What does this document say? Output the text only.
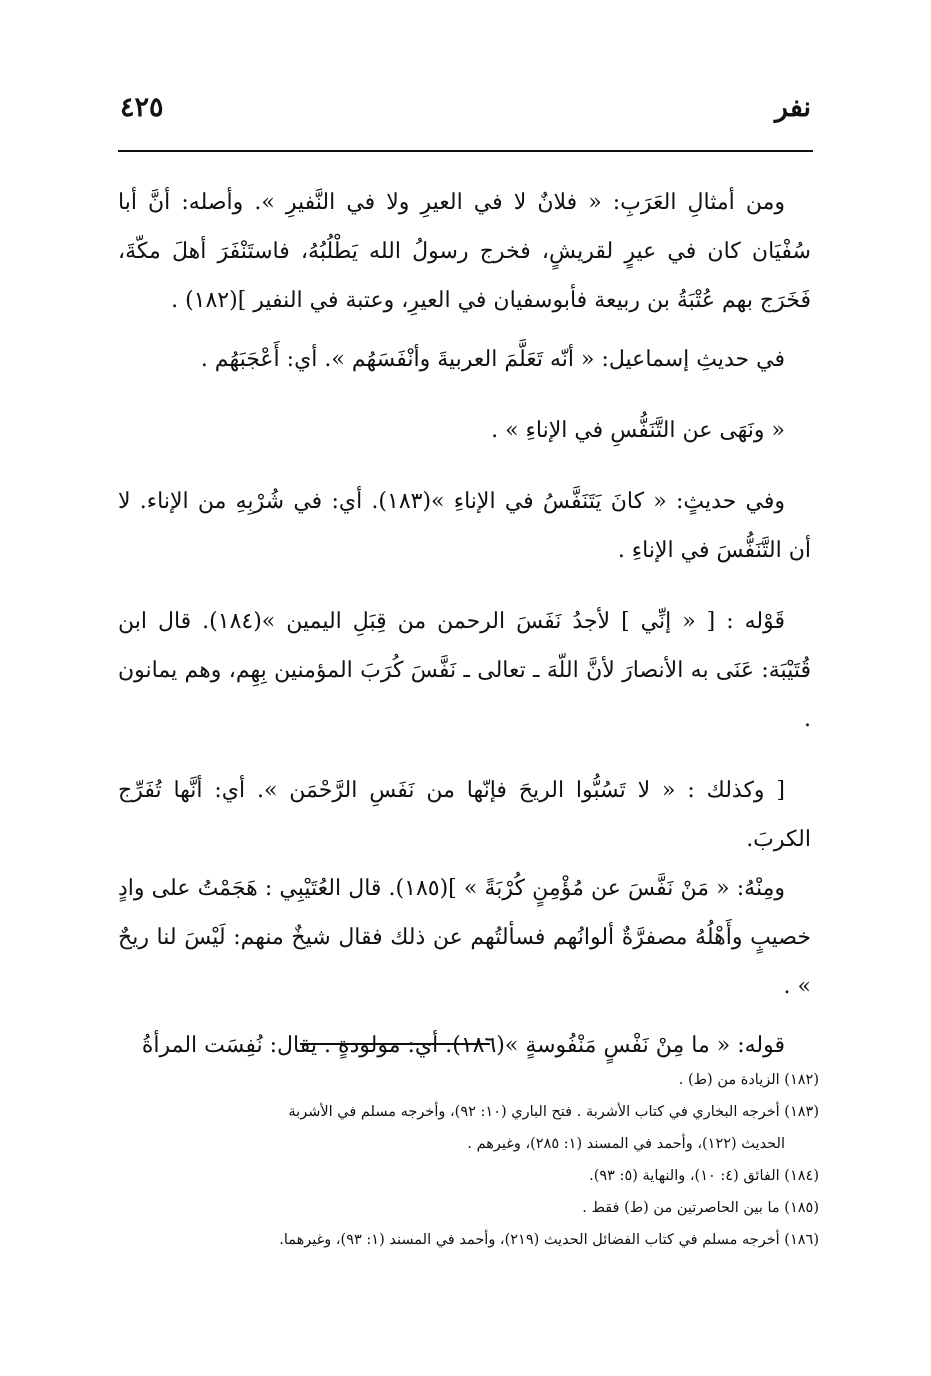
نفر
٤٢٥

ومن أمثالِ العَرَبِ: « فلانٌ لا في العيرِ ولا في النَّفيرِ ». وأصله: أنَّ أبا سُفْيَان كان في عيرٍ لقريشٍ، فخرج رسولُ الله يَطْلُبُهُ، فاستَنْفَرَ أهلَ مكّةَ، فَخَرَج بهم عُتْبَةُ بن ربيعة فأبوسفيان في العيرِ، وعتبة في النفير ](١٨٢) .

في حديثِ إسماعيل: « أنّه تَعَلَّمَ العربيةَ وأنْفَسَهُم ». أي: أَعْجَبَهُم .

« ونَهَى عن التَّنَفُّسِ في الإناءِ » .

وفي حديثٍ: « كانَ يَتَنَفَّسُ في الإناءِ »(١٨٣). أي: في شُرْبِهِ من الإناء. لا أن التَّنَفُّسَ في الإناءِ .

قَوْله : [ « إنِّي ] لأجدُ نَفَسَ الرحمن من قِبَلِ اليمين »(١٨٤). قال ابن قُتَيْبَة: عَنَى به الأنصارَ لأنَّ اللّهَ ـ تعالى ـ نَفَّسَ كُرَبَ المؤمنين بِهِم، وهم يمانون .

[ وكذلك : « لا تَسُبُّوا الريحَ فإنّها من نَفَسِ الرَّحْمَن ». أي: أنَّها تُفَرِّج الكربَ.

ومِنْهُ: « مَنْ نَفَّسَ عن مُؤْمِنٍ كُرْبَةً » ](١٨٥). قال العُتَيْبِي : هَجَمْتُ على وادٍ خصيبٍ وأَهْلُهُ مصفرَّةٌ ألوانُهم فسألتُهم عن ذلك فقال شيخٌ منهم: لَيْسَ لنا ريحٌ » .

قوله: « ما مِنْ نَفْسٍ مَنْفُوسةٍ »(١٨٦). أي: مولودةٍ . يقال: نُفِسَت المرأةُ

(١٨٢) الزيادة من (ط) .

(١٨٣) أخرجه البخاري في كتاب الأشربة . فتح الباري (١٠: ٩٢)، وأخرجه مسلم في الأشربة
الحديث (١٢٢)، وأحمد في المسند (١: ٢٨٥)، وغيرهم .

(١٨٤) الفائق (٤: ١٠)، والنهاية (٥: ٩٣).

(١٨٥) ما بين الحاصرتين من (ط) فقط .

(١٨٦) أخرجه مسلم في كتاب الفضائل الحديث (٢١٩)، وأحمد في المسند (١: ٩٣)، وغيرهما.
